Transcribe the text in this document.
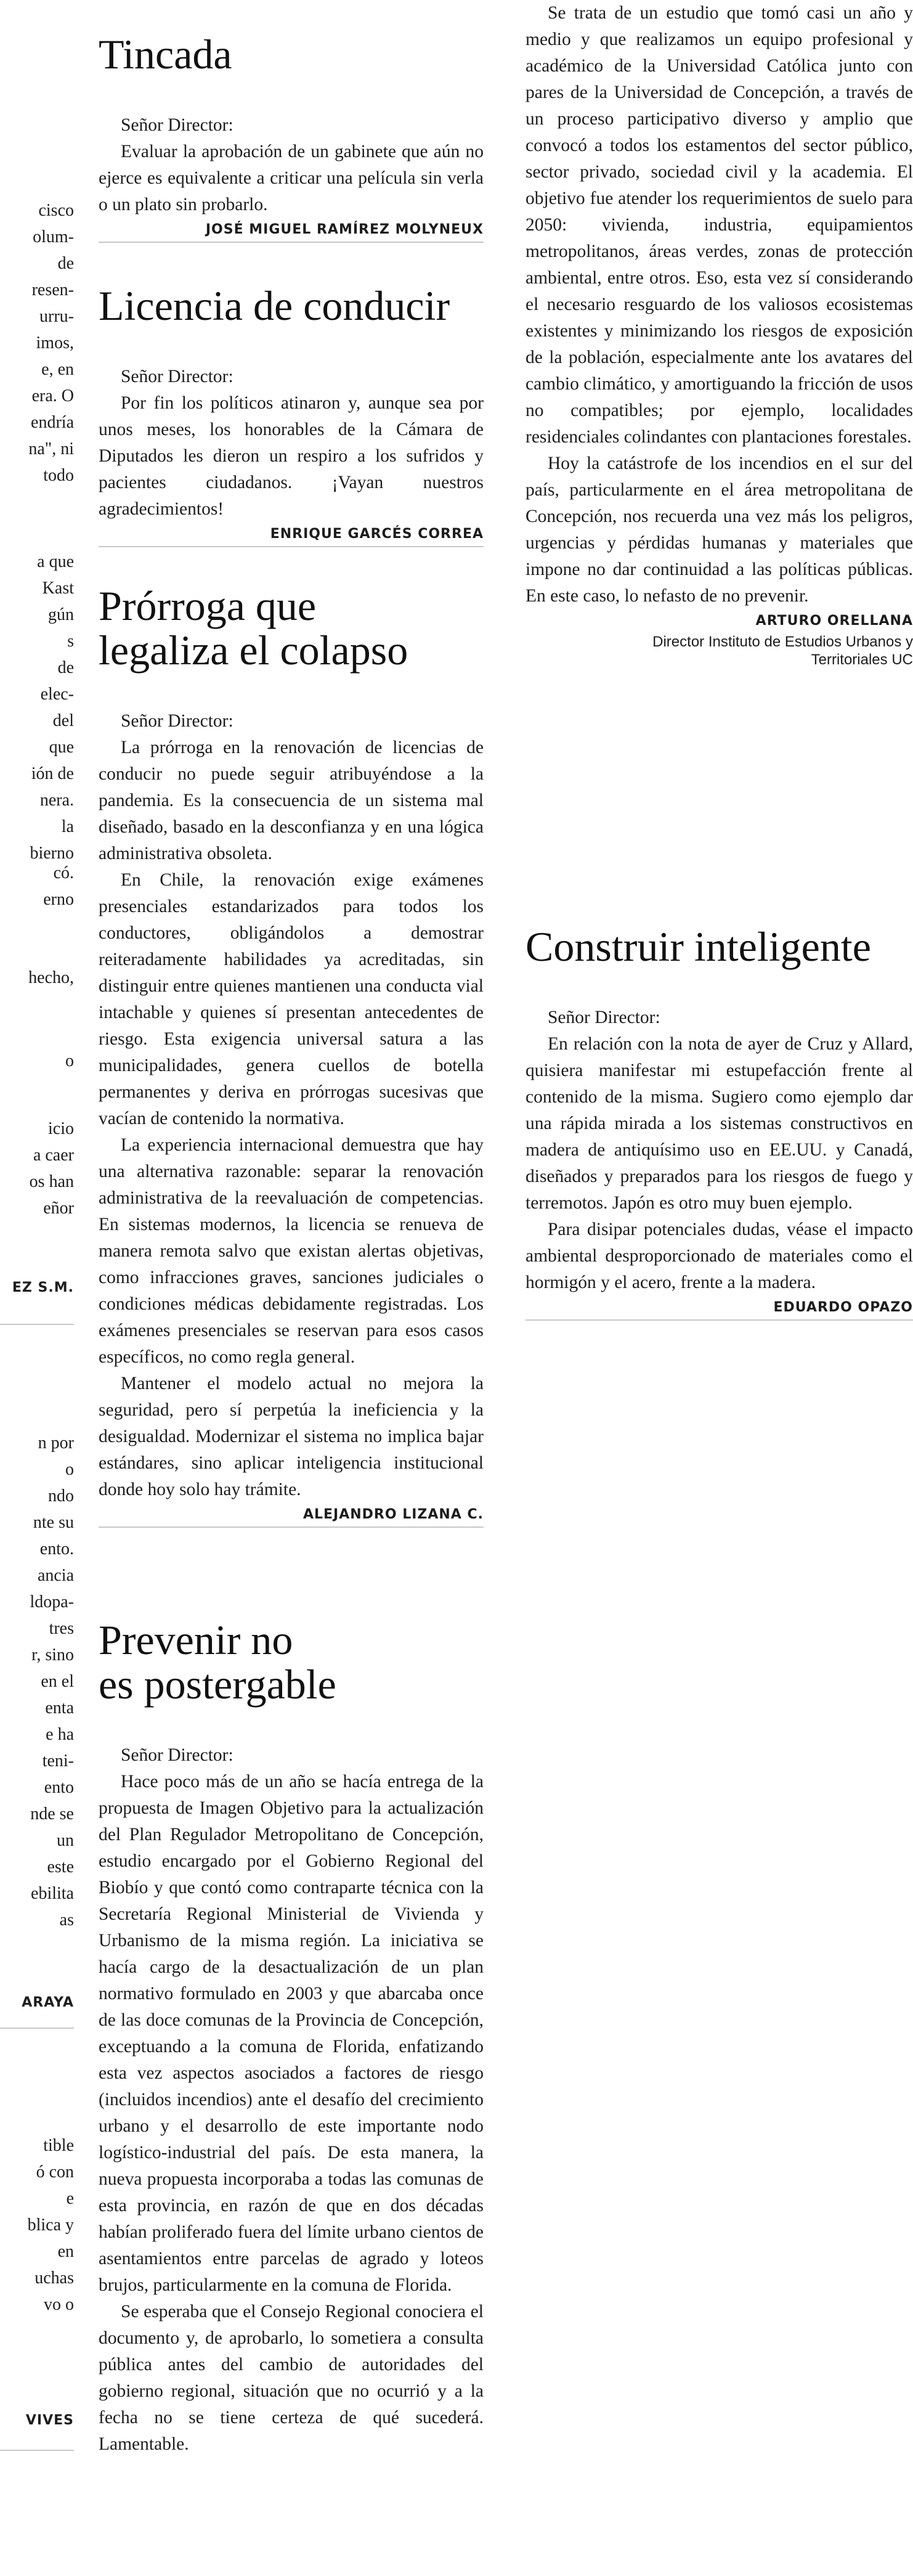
cisco
olum-
de
resen-
urru-
imos,
e, en
era. O
endría
na", ni
todo

a que
Kast
gún
s
de
elec-
del
que
ión de
nera.
la
bierno

có.
erno

hecho,

o

icio
a caer
os han
eñor

EZ S.M.

n por
o
ndo
nte su
ento.
ancia
ldopa-
tres
r, sino
en el
enta
e ha
teni-
ento
nde se
un
este
ebilita
as

ARAYA

tible
ó con
e
blica y
en
uchas
vo o

VIVES

Tincada

Señor Director:

Evaluar la aprobación de un gabinete que aún no ejerce es equivalente a criticar una película sin verla o un plato sin probarlo.

JOSÉ MIGUEL RAMÍREZ MOLYNEUX

Licencia de conducir

Señor Director:

Por fin los políticos atinaron y, aunque sea por unos meses, los honorables de la Cámara de Diputados les dieron un respiro a los sufridos y pacientes ciudadanos. ¡Vayan nuestros agradecimientos!

ENRIQUE GARCÉS CORREA

Prórroga que
legaliza el colapso

Señor Director:

La prórroga en la renovación de licencias de conducir no puede seguir atribuyéndose a la pandemia. Es la consecuencia de un sistema mal diseñado, basado en la desconfianza y en una lógica administrativa obsoleta.

En Chile, la renovación exige exámenes presenciales estandarizados para todos los conductores, obligándolos a demostrar reiteradamente habilidades ya acreditadas, sin distinguir entre quienes mantienen una conducta vial intachable y quienes sí presentan antecedentes de riesgo. Esta exigencia universal satura a las municipalidades, genera cuellos de botella permanentes y deriva en prórrogas sucesivas que vacían de contenido la normativa.

La experiencia internacional demuestra que hay una alternativa razonable: separar la renovación administrativa de la reevaluación de competencias. En sistemas modernos, la licencia se renueva de manera remota salvo que existan alertas objetivas, como infracciones graves, sanciones judiciales o condiciones médicas debidamente registradas. Los exámenes presenciales se reservan para esos casos específicos, no como regla general.

Mantener el modelo actual no mejora la seguridad, pero sí perpetúa la ineficiencia y la desigualdad. Modernizar el sistema no implica bajar estándares, sino aplicar inteligencia institucional donde hoy solo hay trámite.

ALEJANDRO LIZANA C.

Prevenir no
es postergable

Señor Director:

Hace poco más de un año se hacía entrega de la propuesta de Imagen Objetivo para la actualización del Plan Regulador Metropolitano de Concepción, estudio encargado por el Gobierno Regional del Biobío y que contó como contraparte técnica con la Secretaría Regional Ministerial de Vivienda y Urbanismo de la misma región. La iniciativa se hacía cargo de la desactualización de un plan normativo formulado en 2003 y que abarcaba once de las doce comunas de la Provincia de Concepción, exceptuando a la comuna de Florida, enfatizando esta vez aspectos asociados a factores de riesgo (incluidos incendios) ante el desafío del crecimiento urbano y el desarrollo de este importante nodo logístico-industrial del país. De esta manera, la nueva propuesta incorporaba a todas las comunas de esta provincia, en razón de que en dos décadas habían proliferado fuera del límite urbano cientos de asentamientos entre parcelas de agrado y loteos brujos, particularmente en la comuna de Florida.

Se esperaba que el Consejo Regional conociera el documento y, de aprobarlo, lo sometiera a consulta pública antes del cambio de autoridades del gobierno regional, situación que no ocurrió y a la fecha no se tiene certeza de qué sucederá. Lamentable.

Se trata de un estudio que tomó casi un año y medio y que realizamos un equipo profesional y académico de la Universidad Católica junto con pares de la Universidad de Concepción, a través de un proceso participativo diverso y amplio que convocó a todos los estamentos del sector público, sector privado, sociedad civil y la academia. El objetivo fue atender los requerimientos de suelo para 2050: vivienda, industria, equipamientos metropolitanos, áreas verdes, zonas de protección ambiental, entre otros. Eso, esta vez sí considerando el necesario resguardo de los valiosos ecosistemas existentes y minimizando los riesgos de exposición de la población, especialmente ante los avatares del cambio climático, y amortiguando la fricción de usos no compatibles; por ejemplo, localidades residenciales colindantes con plantaciones forestales.

Hoy la catástrofe de los incendios en el sur del país, particularmente en el área metropolitana de Concepción, nos recuerda una vez más los peligros, urgencias y pérdidas humanas y materiales que impone no dar continuidad a las políticas públicas. En este caso, lo nefasto de no prevenir.

ARTURO ORELLANA

Director Instituto de Estudios Urbanos y
Territoriales UC

Construir inteligente

Señor Director:

En relación con la nota de ayer de Cruz y Allard, quisiera manifestar mi estupefacción frente al contenido de la misma. Sugiero como ejemplo dar una rápida mirada a los sistemas constructivos en madera de antiquísimo uso en EE.UU. y Canadá, diseñados y preparados para los riesgos de fuego y terremotos. Japón es otro muy buen ejemplo.

Para disipar potenciales dudas, véase el impacto ambiental desproporcionado de materiales como el hormigón y el acero, frente a la madera.

EDUARDO OPAZO
